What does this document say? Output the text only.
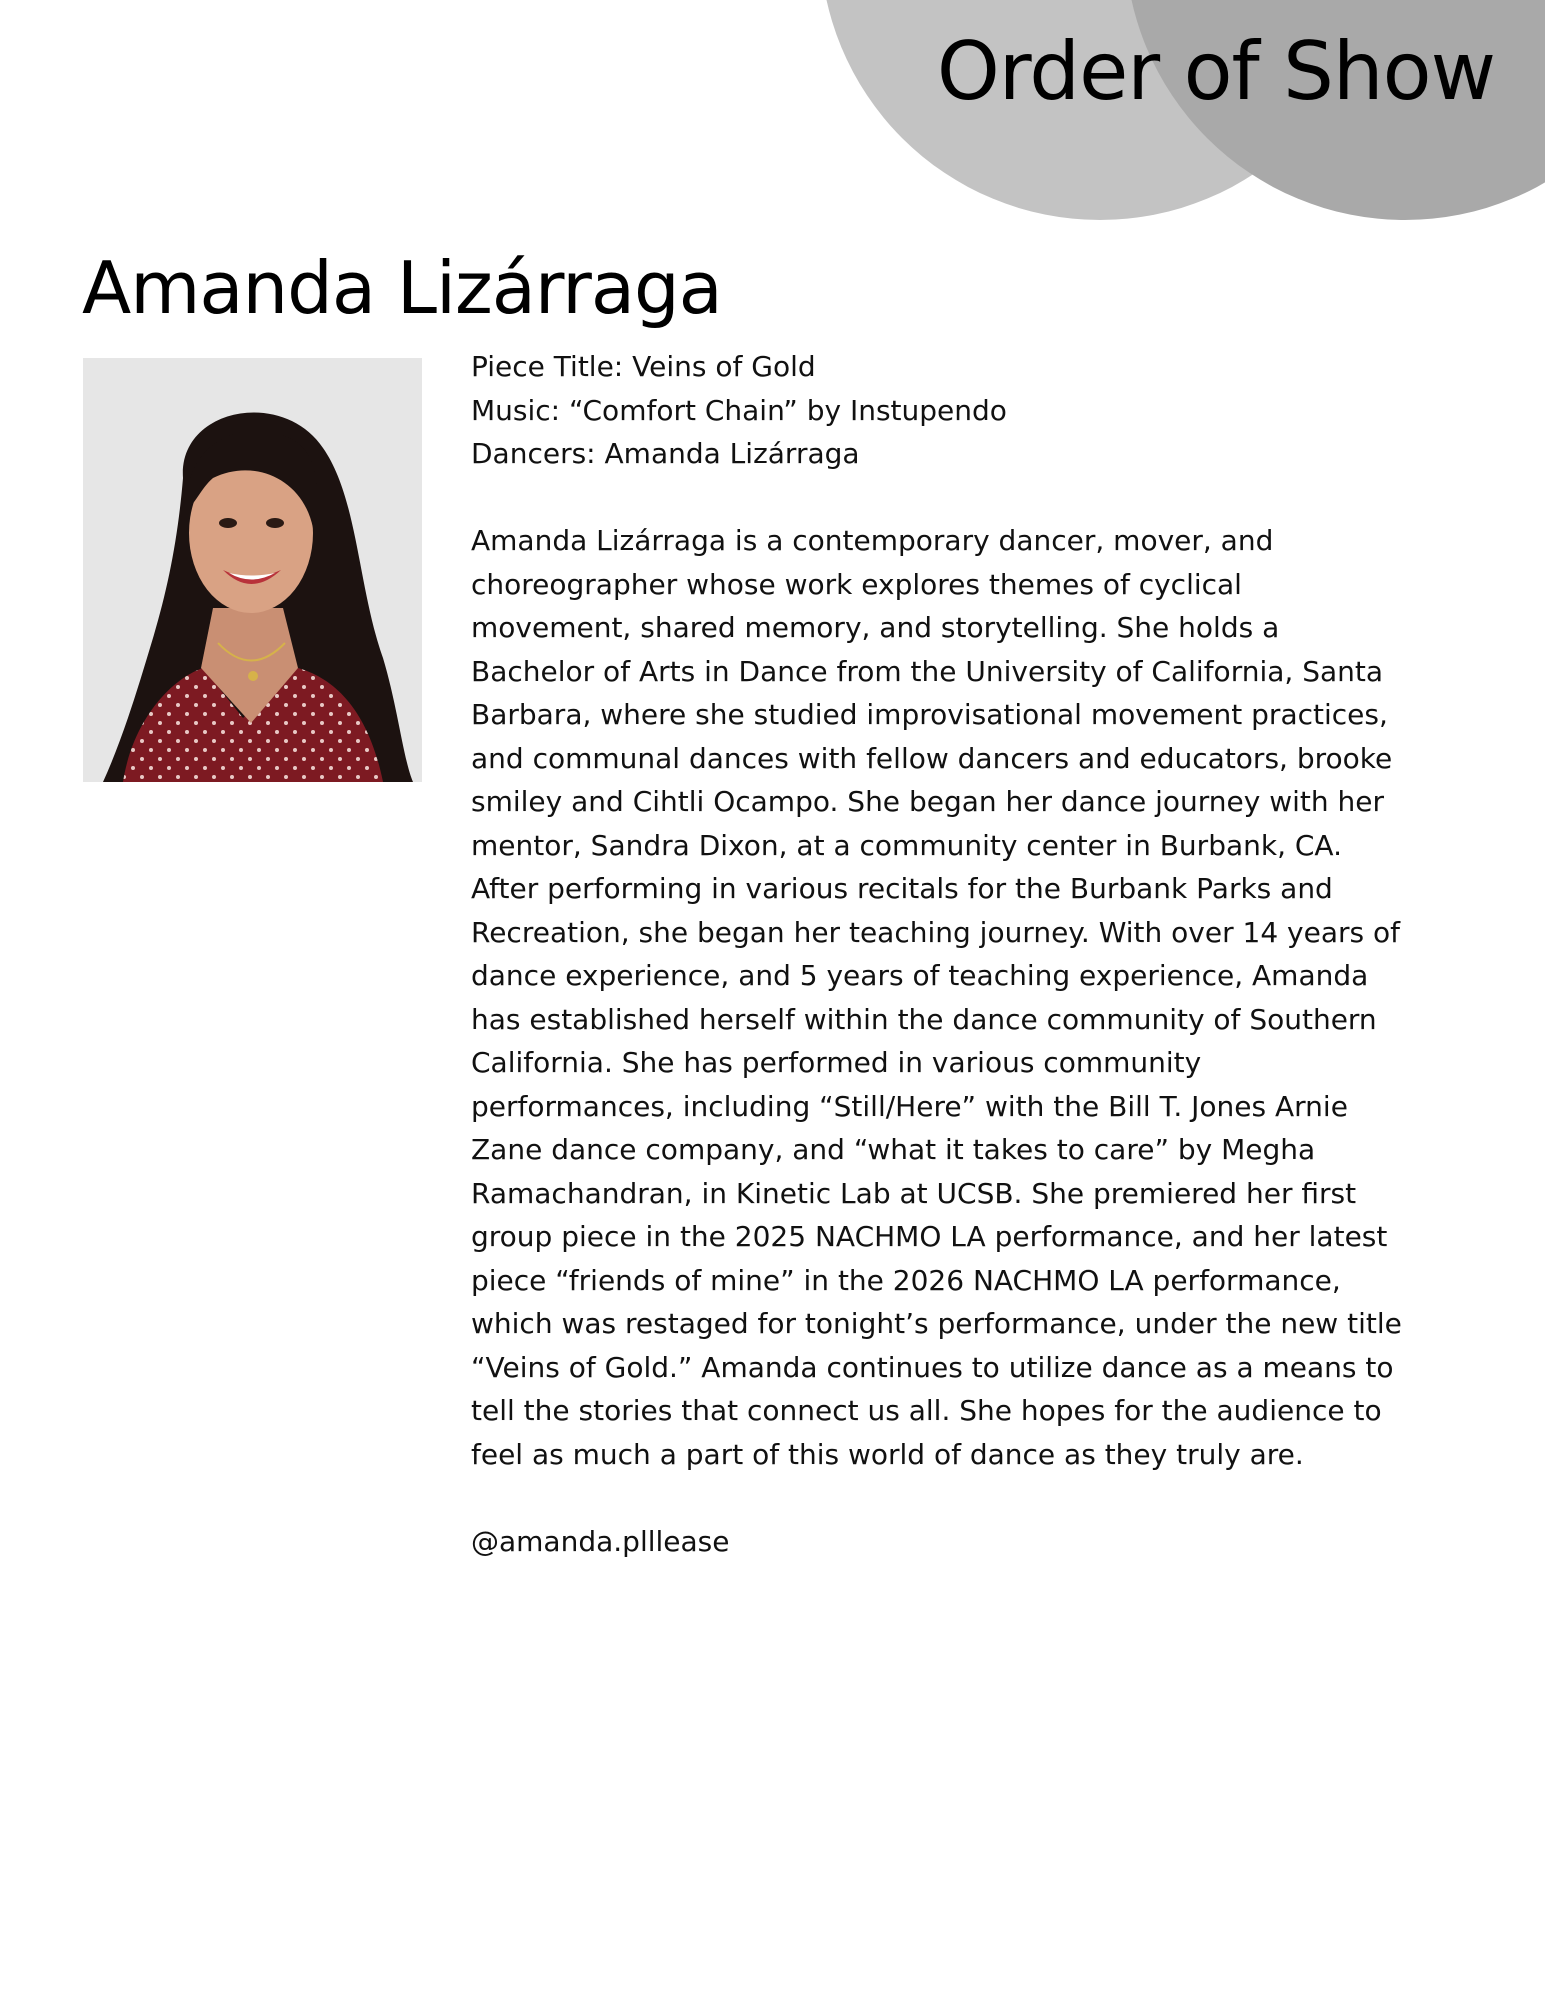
Order of Show
Amanda Lizárraga
Piece Title: Veins of Gold
Music: “Comfort Chain” by Instupendo
Dancers: Amanda Lizárraga
Amanda Lizárraga is a contemporary dancer, mover, and choreographer whose work explores themes of cyclical movement, shared memory, and storytelling. She holds a Bachelor of Arts in Dance from the University of California, Santa Barbara, where she studied improvisational movement practices, and communal dances with fellow dancers and educators, brooke smiley and Cihtli Ocampo. She began her dance journey with her mentor, Sandra Dixon, at a community center in Burbank, CA. After performing in various recitals for the Burbank Parks and Recreation, she began her teaching journey. With over 14 years of dance experience, and 5 years of teaching experience, Amanda has established herself within the dance community of Southern California. She has performed in various community performances, including “Still/Here” with the Bill T. Jones Arnie Zane dance company, and “what it takes to care” by Megha Ramachandran, in Kinetic Lab at UCSB. She premiered her first group piece in the 2025 NACHMO LA performance, and her latest piece “friends of mine” in the 2026 NACHMO LA performance, which was restaged for tonight’s performance, under the new title “Veins of Gold.” Amanda continues to utilize dance as a means to tell the stories that connect us all. She hopes for the audience to feel as much a part of this world of dance as they truly are.
@amanda.plllease
